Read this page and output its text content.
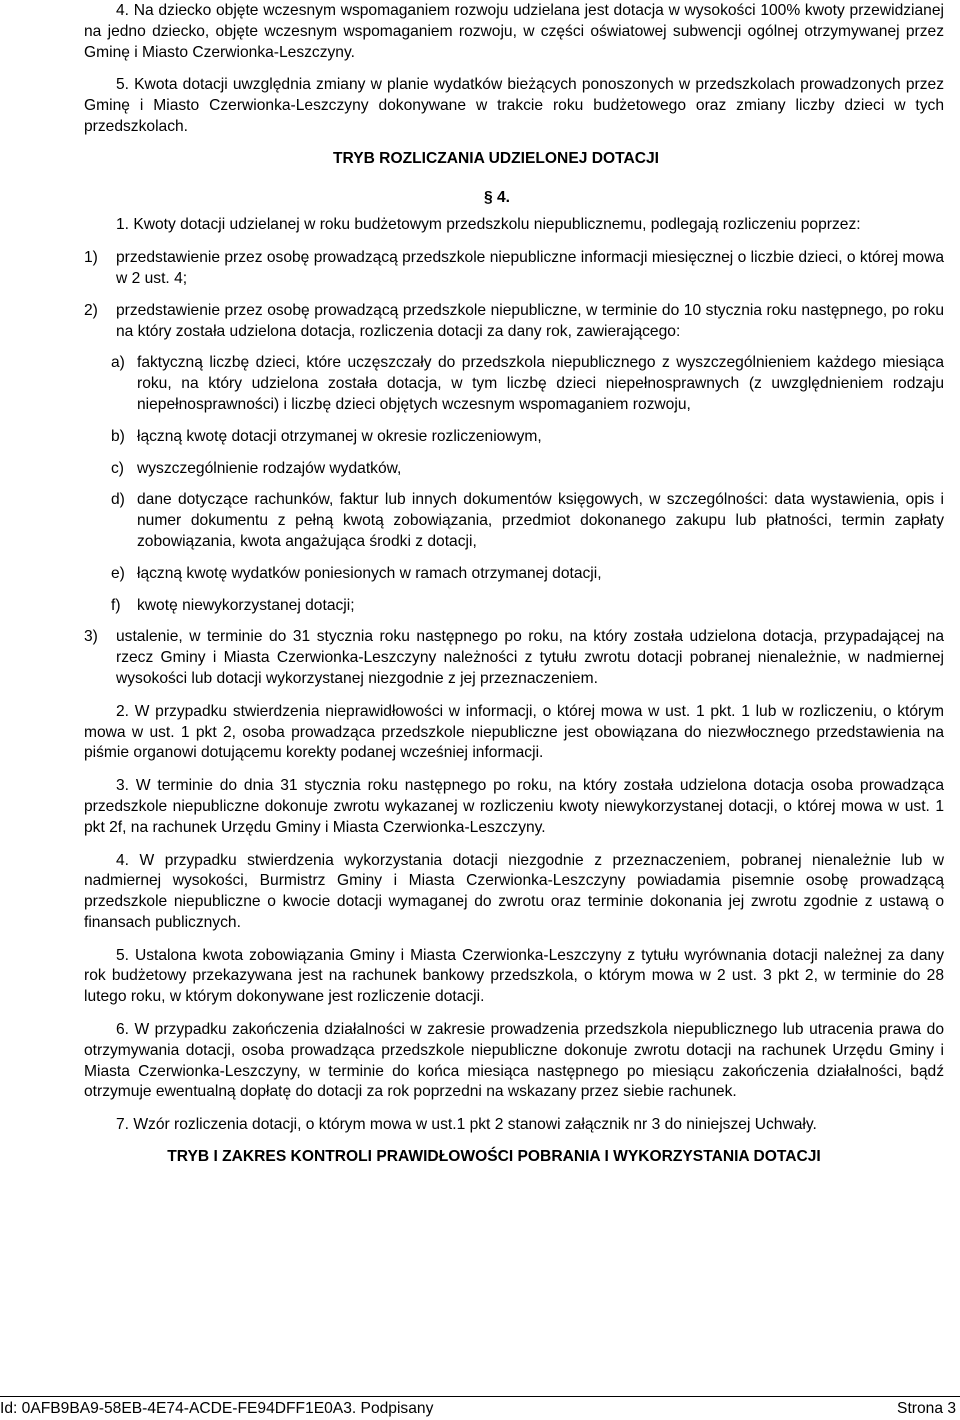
4. Na dziecko objęte wczesnym wspomaganiem rozwoju udzielana jest dotacja w wysokości 100% kwoty przewidzianej na jedno dziecko, objęte wczesnym wspomaganiem rozwoju, w części oświatowej subwencji ogólnej otrzymywanej przez Gminę i Miasto Czerwionka-Leszczyny.

5. Kwota dotacji uwzględnia zmiany w planie wydatków bieżących ponoszonych w przedszkolach prowadzonych przez Gminę i Miasto Czerwionka-Leszczyny dokonywane w trakcie roku budżetowego oraz zmiany liczby dzieci w tych przedszkolach.

TRYB ROZLICZANIA UDZIELONEJ DOTACJI

§ 4.

1. Kwoty dotacji udzielanej w roku budżetowym przedszkolu niepublicznemu, podlegają rozliczeniu poprzez:

1) przedstawienie przez osobę prowadzącą przedszkole niepubliczne informacji miesięcznej o liczbie dzieci, o której mowa w 2 ust. 4;
2) przedstawienie przez osobę prowadzącą przedszkole niepubliczne, w terminie do 10 stycznia roku następnego, po roku na który została udzielona dotacja, rozliczenia dotacji za dany rok, zawierającego:
a) faktyczną liczbę dzieci, które uczęszczały do przedszkola niepublicznego z wyszczególnieniem każdego miesiąca roku, na który udzielona została dotacja, w tym liczbę dzieci niepełnosprawnych (z uwzględnieniem rodzaju niepełnosprawności) i liczbę dzieci objętych wczesnym wspomaganiem rozwoju,
b) łączną kwotę dotacji otrzymanej w okresie rozliczeniowym,
c) wyszczególnienie rodzajów wydatków,
d) dane dotyczące rachunków, faktur lub innych dokumentów księgowych, w szczególności: data wystawienia, opis i numer dokumentu z pełną kwotą zobowiązania, przedmiot dokonanego zakupu lub płatności, termin zapłaty zobowiązania, kwota angażująca środki z dotacji,
e) łączną kwotę wydatków poniesionych w ramach otrzymanej dotacji,
f) kwotę niewykorzystanej dotacji;
3) ustalenie, w terminie do 31 stycznia roku następnego po roku, na który została udzielona dotacja, przypadającej na rzecz Gminy i Miasta Czerwionka-Leszczyny należności z tytułu zwrotu dotacji pobranej nienależnie, w nadmiernej wysokości lub dotacji wykorzystanej niezgodnie z jej przeznaczeniem.

2. W przypadku stwierdzenia nieprawidłowości w informacji, o której mowa w ust. 1 pkt. 1 lub w rozliczeniu, o którym mowa w ust. 1 pkt 2, osoba prowadząca przedszkole niepubliczne jest obowiązana do niezwłocznego przedstawienia na piśmie organowi dotującemu korekty podanej wcześniej informacji.

3. W terminie do dnia 31 stycznia roku następnego po roku, na który została udzielona dotacja osoba prowadząca przedszkole niepubliczne dokonuje zwrotu wykazanej w rozliczeniu kwoty niewykorzystanej dotacji, o której mowa w ust. 1 pkt 2f, na rachunek Urzędu Gminy i Miasta Czerwionka-Leszczyny.

4. W przypadku stwierdzenia wykorzystania dotacji niezgodnie z przeznaczeniem, pobranej nienależnie lub w nadmiernej wysokości, Burmistrz Gminy i Miasta Czerwionka-Leszczyny powiadamia pisemnie osobę prowadzącą przedszkole niepubliczne o kwocie dotacji wymaganej do zwrotu oraz terminie dokonania jej zwrotu zgodnie z ustawą o finansach publicznych.

5. Ustalona kwota zobowiązania Gminy i Miasta Czerwionka-Leszczyny z tytułu wyrównania dotacji należnej za dany rok budżetowy przekazywana jest na rachunek bankowy przedszkola, o którym mowa w 2 ust. 3 pkt 2, w terminie do 28 lutego roku, w którym dokonywane jest rozliczenie dotacji.

6. W przypadku zakończenia działalności w zakresie prowadzenia przedszkola niepublicznego lub utracenia prawa do otrzymywania dotacji, osoba prowadząca przedszkole niepubliczne dokonuje zwrotu dotacji na rachunek Urzędu Gminy i Miasta Czerwionka-Leszczyny, w terminie do końca miesiąca następnego po miesiącu zakończenia działalności, bądź otrzymuje ewentualną dopłatę do dotacji za rok poprzedni na wskazany przez siebie rachunek.

7. Wzór rozliczenia dotacji, o którym mowa w ust.1 pkt 2 stanowi załącznik nr 3 do niniejszej Uchwały.

TRYB I ZAKRES KONTROLI PRAWIDŁOWOŚCI POBRANIA I WYKORZYSTANIA DOTACJI

Id: 0AFB9BA9-58EB-4E74-ACDE-FE94DFF1E0A3. Podpisany	Strona 3
